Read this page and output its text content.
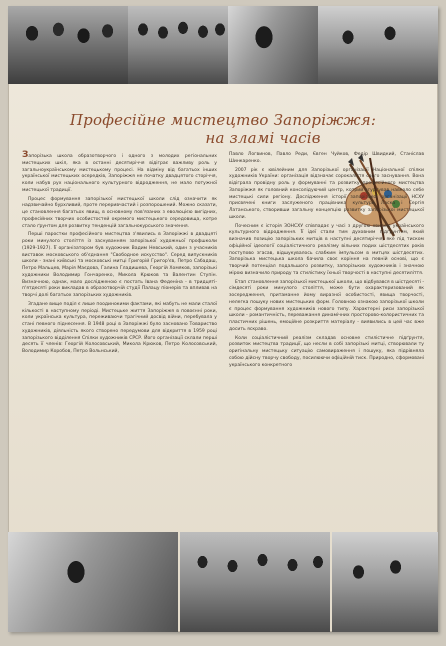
Професійне мистецтво Запоріжжя:
на зламі часів

Запорізька школа образотворчого і одного з молодих регіональних мистецьких шкіл, яка в останні десятиріччя відіграє важливу роль у загальноукраїнському мистецькому процесі. На відміну від багатьох інших української мистецьких осередків, Запоріжжя не початку двадцятого сторіччя, коли набув рух національного культурного відродження, не мало потужної мистецької традиції.

Процес формування запорізької мистецької школи слід означити як надзвичайно бурхливий, проте переривчастий і розпорошений. Можно сказати, це становлення багатьох явищ, в основному пов'язаних з еволюцією вигідних, професійних творчих особистостей окремого мистецького середовища, котре стало ґрунтом для розвитку тенденцій загальнокурського значення.

Перші паростки професійного мистецтва з'явились в Запоріжжі в двадцяті роки минулого століття із заснуванням запорізької художньої профшколи (1929-1927). Її організатором був художник Вадим Невський, один з учасників виставок московського об'єднання "Свободное искусство". Серед випускників школи - знані київські та московські митці Григорій Григор'єв, Петро Сабадаш, Петро Мальцев, Марія Маєдова, Галина Гладишева, Георгій Хомяков, запорізькі художники Володимир Гончаренко, Микола Крюков та Валентин Ступін. Визначною, однак, мало дослідженою є постать Івана Феденіна - в тридцяті-п'ятдесяті роки викладав в образотворчій студії Палацу піонерів та впливав на творчі долі багатьох запорізьких художників.

Згадане вище поділ є лише поодинокими фактами, які мабуть не мали сталої кількості в наступному періоді. Мистецьке життя Запоріжжя в повоєнні роки, коли українська культура, переживаючи трагічний досвід війни, перебувала у стані певного піднесення. В 1948 році в Запоріжжі було засновано Товариство художників, діяльність якого створено передумови для відкриття в 1959 році запорізького відділення Спілки художників СРСР. Його організації склали перші десять її членів: Георгій Колосовський, Микола Крюков, Петро Колосовський, Володимир Коробов, Петро Вольнський,

Павло Логвинов, Павло Реди, Євген Чуйков, Федір Швидкий, Станіслав Шинкаренко.

2007 рік є ювілейним для Запорізької організації Національної спілки художників України: організація відзначає сорокаліття свого заснування. Вона відіграла провідну роль у формуванні та розвитку професійного мистецтва Запоріжжя як головний консолідуючий центр, котрий згуртував навколо себе мистецькі сили регіону. Дослідження історії запорізької організації НСХУ присвячені книги заслуженого працівника культури Ласка і Сергія Латанського, створивши загальну концепцію розвитку запорізької мистецької школи.

Почесним є історія ЗОНСХУ співпадає у часі з другою хвилею українського культурного відродження. Її ідеї стали тим духовним підґрунтям, який визначив позицію запорізьких митців в наступні десятиріччя, яке під тиском офіційної ідеології соціалістичного реалізму вільних подих шістдесятих років поступово згасав, відшукувалось слабким імпульсом в митцях шістдесятих. Запорізька мистецька школа бачила своє коріння на певній основі, що є творчий потенціал подальшого розвитку, запорізьких художників і значною мірою визначило природу та стилістику їхньої творчості в наступні десятиліття.

Етап становлення запорізької мистецької школи, що відбувався в шістдесяті - сімдесяті роки минулого століття, може бути охарактеризований як зосередження, притаманне йому виразної особистості, явища творчості, нелегка пошуку нових мистецьких форм. Головною ознакою запорізької школи є процес формування художників нового типу. Характерні риси запорізької школи - романтичність, переважання динамічних просторово-колористичних та пластичних рішень, емоційне розкриття матеріалу - виявились в цей час вже досить яскраво.

Коли соціалістичний реалізм складав основне стилістичне підґрунтя, розвиток мистецтва традиції, що несли в собі запорізькі митці, створювали ту оригінальну мистецьку ситуацію самовираження і пошуку, яка підрівняла собою дійсну творчу свободу, посилюючи офіційній тиск. Природно, сформовані українського конкретного
